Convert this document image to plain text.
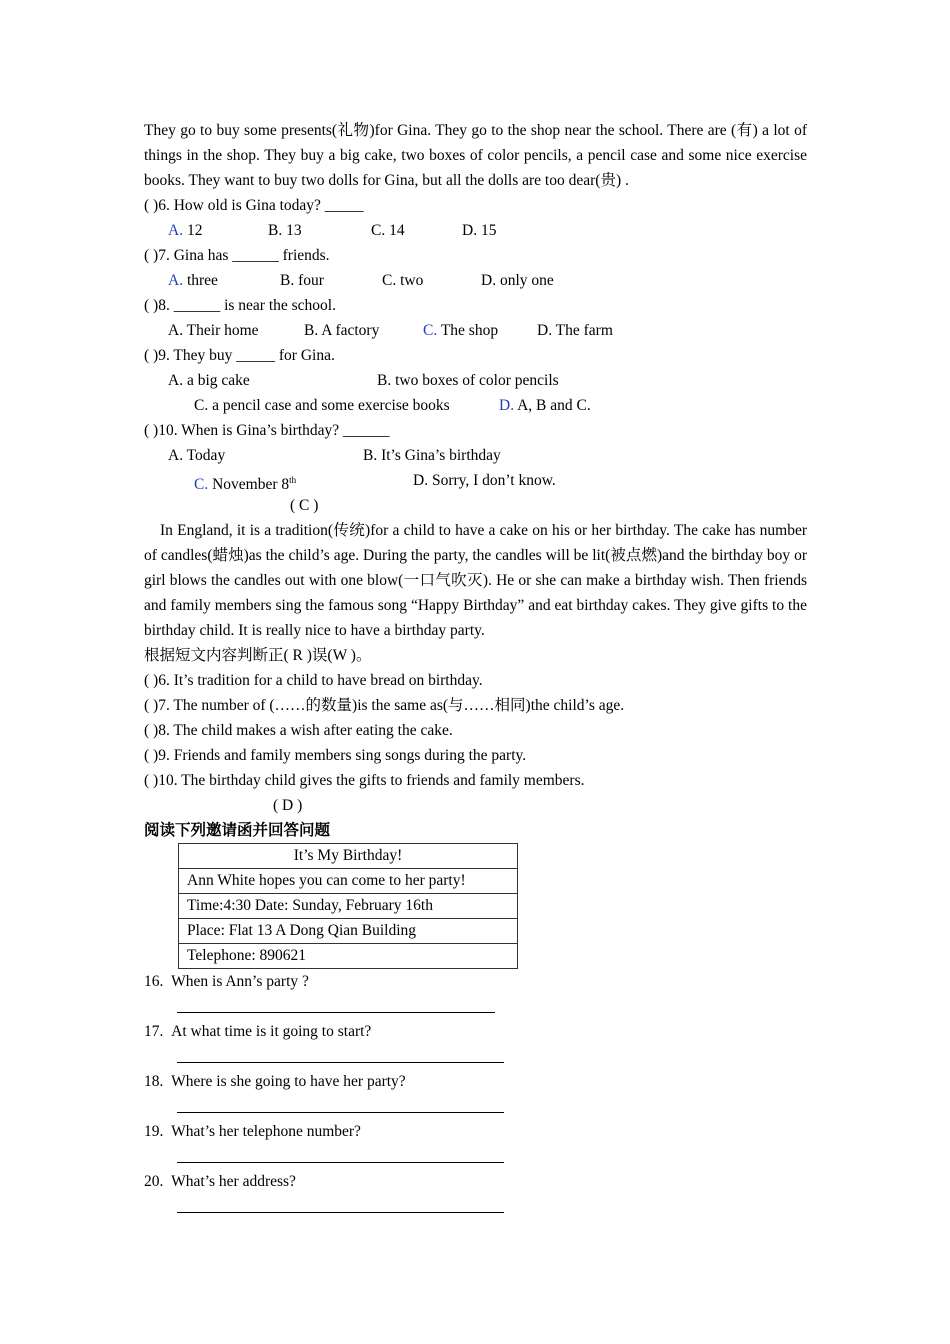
They go to buy some presents(礼物)for Gina. They go to the shop near the school. There are (有) a lot of things in the shop. They buy a big cake, two boxes of color pencils, a pencil case and some nice exercise books. They want to buy two dolls for Gina, but all the dolls are too dear(贵) .

( )6. How old is Gina today? _____
A. 12	B. 13	C. 14	D. 15
( )7. Gina has ______ friends.
A. three	B. four	C. two	D. only one
( )8. ______ is near the school.
A. Their home	B. A factory	C. The shop	D. The farm
( )9. They buy _____ for Gina.
A. a big cake	B. two boxes of color pencils
C. a pencil case and some exercise books	D. A, B and C.
( )10. When is Gina’s birthday? ______
A. Today	B. It’s Gina’s birthday
C. November 8th	D. Sorry, I don’t know.
( C )

In England, it is a tradition(传统)for a child to have a cake on his or her birthday. The cake has number of candles(蜡烛)as the child’s age. During the party, the candles will be lit(被点燃)and the birthday boy or girl blows the candles out with one blow(一口气吹灭). He or she can make a birthday wish. Then friends and family members sing the famous song “Happy Birthday” and eat birthday cakes. They give gifts to the birthday child. It is really nice to have a birthday party.

根据短文内容判断正( R )误(W )。
( )6. It’s tradition for a child to have bread on birthday.
( )7. The number of (……的数量)is the same as(与……相同)the child’s age.
( )8. The child makes a wish after eating the cake.
( )9. Friends and family members sing songs during the party.
( )10. The birthday child gives the gifts to friends and family members.
( D )
阅读下列邀请函并回答问题
It’s My Birthday!
Ann White hopes you can come to her party!
Time:4:30 Date: Sunday, February 16th
Place: Flat 13 A Dong Qian Building
Telephone: 890621
16. When is Ann’s party ?
17. At what time is it going to start?
18. Where is she going to have her party?
19. What’s her telephone number?
20. What’s her address?
